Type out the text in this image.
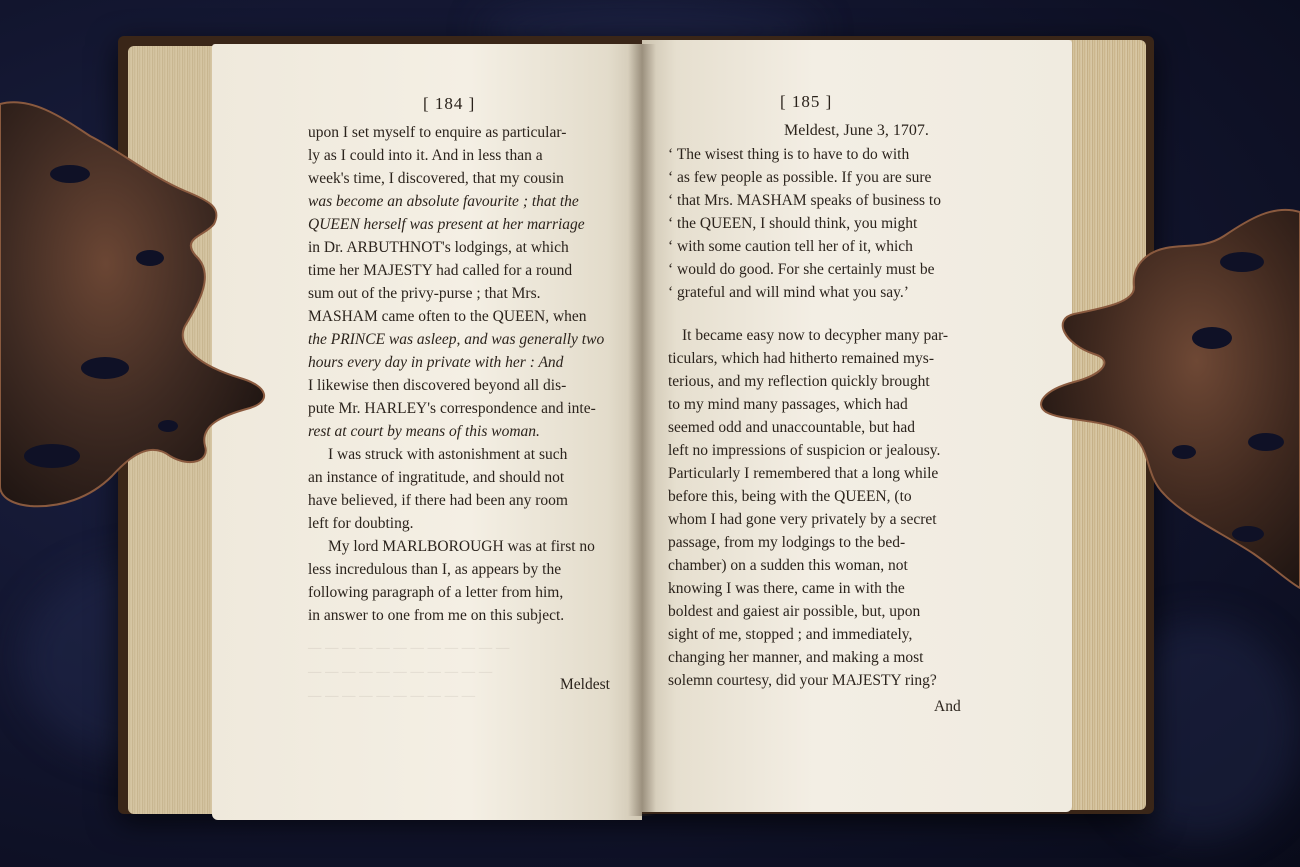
[ 184 ]
upon I set myself to enquire as particular-
ly as I could into it. And in less than a
week's time, I discovered, that my cousin
was become an absolute favourite ; that the
QUEEN herself was present at her marriage
in Dr. ARBUTHNOT's lodgings, at which
time her MAJESTY had called for a round
sum out of the privy-purse ; that Mrs.
MASHAM came often to the QUEEN, when
the PRINCE was asleep, and was generally two
hours every day in private with her : And
I likewise then discovered beyond all dis-
pute Mr. HARLEY's correspondence and inte-
rest at court by means of this woman.
I was struck with astonishment at such
an instance of ingratitude, and should not
have believed, if there had been any room
left for doubting.
My lord MARLBOROUGH was at first no
less incredulous than I, as appears by the
following paragraph of a letter from him,
in answer to one from me on this subject.
— — — — — — — — — — — —
— — — — — — — — — — —
— — — — — — — — — —
Meldest
[ 185 ]
Meldest, June 3, 1707.
‘ The wisest thing is to have to do with
‘ as few people as possible. If you are sure
‘ that Mrs. MASHAM speaks of business to
‘ the QUEEN, I should think, you might
‘ with some caution tell her of it, which
‘ would do good. For she certainly must be
‘ grateful and will mind what you say.’
It became easy now to decypher many par-
ticulars, which had hitherto remained mys-
terious, and my reflection quickly brought
to my mind many passages, which had
seemed odd and unaccountable, but had
left no impressions of suspicion or jealousy.
Particularly I remembered that a long while
before this, being with the QUEEN, (to
whom I had gone very privately by a secret
passage, from my lodgings to the bed-
chamber) on a sudden this woman, not
knowing I was there, came in with the
boldest and gaiest air possible, but, upon
sight of me, stopped ; and immediately,
changing her manner, and making a most
solemn courtesy, did your MAJESTY ring?
And
